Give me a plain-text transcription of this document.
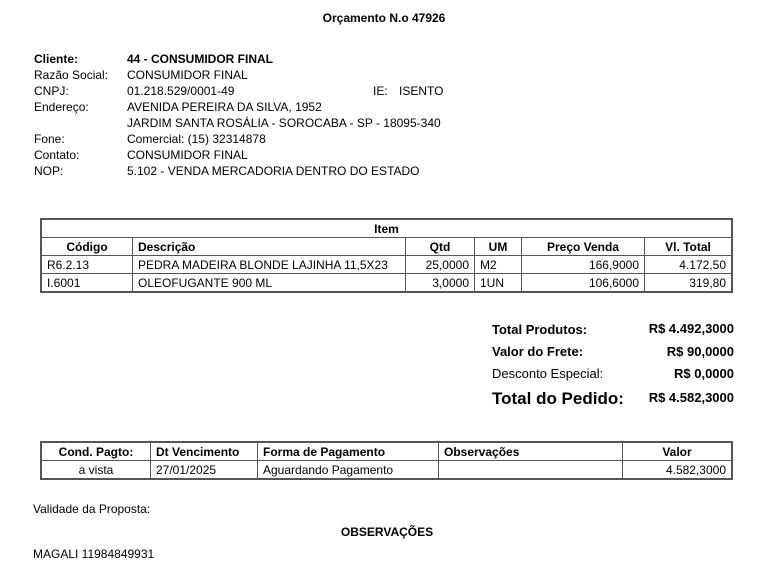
Orçamento N.o 47926
Cliente:	44 - CONSUMIDOR FINAL
Razão Social: CONSUMIDOR FINAL
CNPJ:	01.218.529/0001-49	IE: ISENTO
Endereço:	AVENIDA PEREIRA DA SILVA, 1952
JARDIM SANTA ROSÁLIA - SOROCABA - SP - 18095-340
Fone:	Comercial: (15) 32314878
Contato:	CONSUMIDOR FINAL
NOP:	5.102 - VENDA MERCADORIA DENTRO DO ESTADO
Item					
Código	Descrição	Qtd	UM	Preço Venda	Vl. Total
R6.2.13	PEDRA MADEIRA BLONDE LAJINHA 11,5X23	25,0000	M2	166,9000	4.172,50
I.6001	OLEOFUGANTE 900 ML	3,0000	1UN	106,6000	319,80
Total Produtos:	R$ 4.492,3000
Valor do Frete:	R$ 90,0000
Desconto Especial:	R$ 0,0000
Total do Pedido: R$ 4.582,3000
Cond. Pagto:	Dt Vencimento	Forma de Pagamento	Observações	Valor
a vista	27/01/2025	Aguardando Pagamento		4.582,3000
Validade da Proposta:
OBSERVAÇÕES
MAGALI 11984849931
